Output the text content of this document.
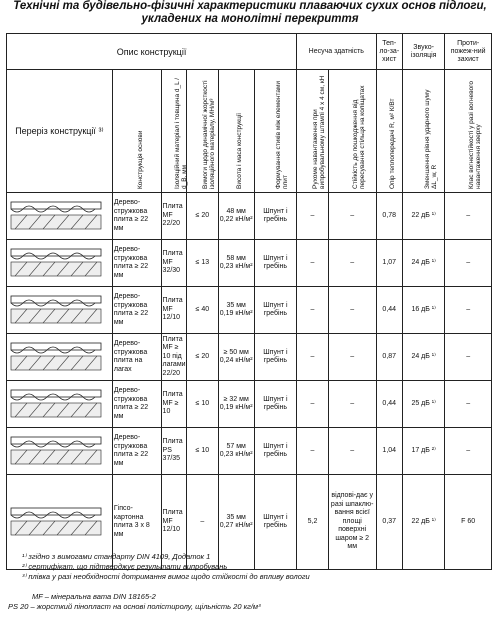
Технічні та будівельно-фізичні характеристики плаваючих сухих основ підлоги, укладених на монолітні перекриття
Опис конструкції						Несуча здатність		Теп-ло-за-хист	Звуко-ізоляція	Проти-пожеж-ний захист
Переріз конструкції ³⁾	Конструкція основи	Ізоляційний матеріал і товщина d_L / d_B, мм	Вимоги щодо динамічної жорсткості ізоляційного матеріалу, МН/м³	Висота і маса конструкції	Формування стиків між елементами плит	Рухоме навантаження при випробувальному штампі 4 x 4 см, кН	Стійкість до пошкодження від пересування стільця на коліщатах	Опір теплопередачі R, м² К/Вт	Зменшення рівня ударного шуму ΔL_w, R	Клас вогнестійкості у разі вогневого навантаження зверху

	Дерево-стружкова плита ≥ 22 мм	Плита MF 22/20	≤ 20	48 мм 0,22 кН/м²	Шпунт і гребінь	–	–	0,78	22 дБ ¹⁾	–

	Дерево-стружкова плита ≥ 22 мм	Плита MF 32/30	≤ 13	58 мм 0,23 кН/м²	Шпунт і гребінь	–	–	1,07	24 дБ ¹⁾	–

	Дерево-стружкова плита ≥ 22 мм	Плита MF 12/10	≤ 40	35 мм 0,19 кН/м²	Шпунт і гребінь	–	–	0,44	16 дБ ¹⁾	–

	Дерево-стружкова плита на лагах	Плита MF ≥ 10 під лагами 22/20	≤ 20	≥ 50 мм 0,24 кН/м²	Шпунт і гребінь	–	–	0,87	24 дБ ¹⁾	–

	Дерево-стружкова плита ≥ 22 мм	Плита MF ≥ 10	≤ 10	≥ 32 мм 0,19 кН/м²	Шпунт і гребінь	–	–	0,44	25 дБ ¹⁾	–

	Дерево-стружкова плита ≥ 22 мм	Плита PS 37/35	≤ 10	57 мм 0,23 кН/м²	Шпунт і гребінь	–	–	1,04	17 дБ ²⁾	–

	Гіпсо-картонна плита 3 x 8 мм	Плита MF 12/10	–	35 мм 0,27 кН/м²	Шпунт і гребінь	5,2	відпові-дає у разі шпаклю-вання всієї площі поверхні шаром ≥ 2 мм	0,37	22 дБ ¹⁾	F 60
¹⁾ згідно з вимогами стандарту DIN 4109, Додаток 1
²⁾ сертифікат, що підтверджує результати випробувань
³⁾ плівка у разі необхідності дотримання вимог щодо стійкості до впливу вологи
MF – мінеральна вата DIN 18165-2
PS 20 – жорсткий пінопласт на основі полістиролу, щільність 20 кг/м³
